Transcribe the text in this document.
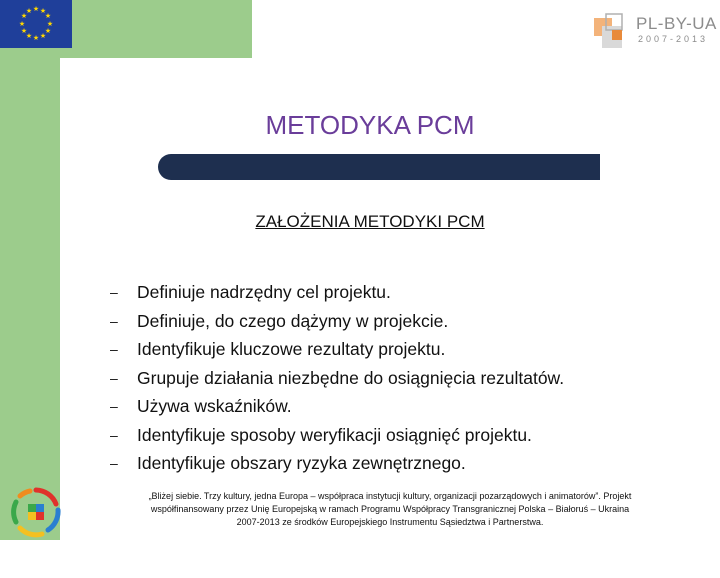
★ ★
★
★
★
★
★
★
★
★
★
★
PL-BY-UA
2007-2013
METODYKA PCM
ZAŁOŻENIA METODYKI PCM
– Definiuje nadrzędny cel projektu.
– Definiuje, do czego dążymy w projekcie.
– Identyfikuje kluczowe rezultaty projektu.
– Grupuje działania niezbędne do osiągnięcia rezultatów.
– Używa wskaźników.
– Identyfikuje sposoby weryfikacji osiągnięć projektu.
– Identyfikuje obszary ryzyka zewnętrznego.
„Bliżej siebie. Trzy kultury, jedna Europa – współpraca instytucji kultury, organizacji pozarządowych i animatorów”. Projekt
współfinansowany przez Unię Europejską w ramach Programu Współpracy Transgranicznej Polska – Białoruś – Ukraina
2007-2013 ze środków Europejskiego Instrumentu Sąsiedztwa i Partnerstwa.
